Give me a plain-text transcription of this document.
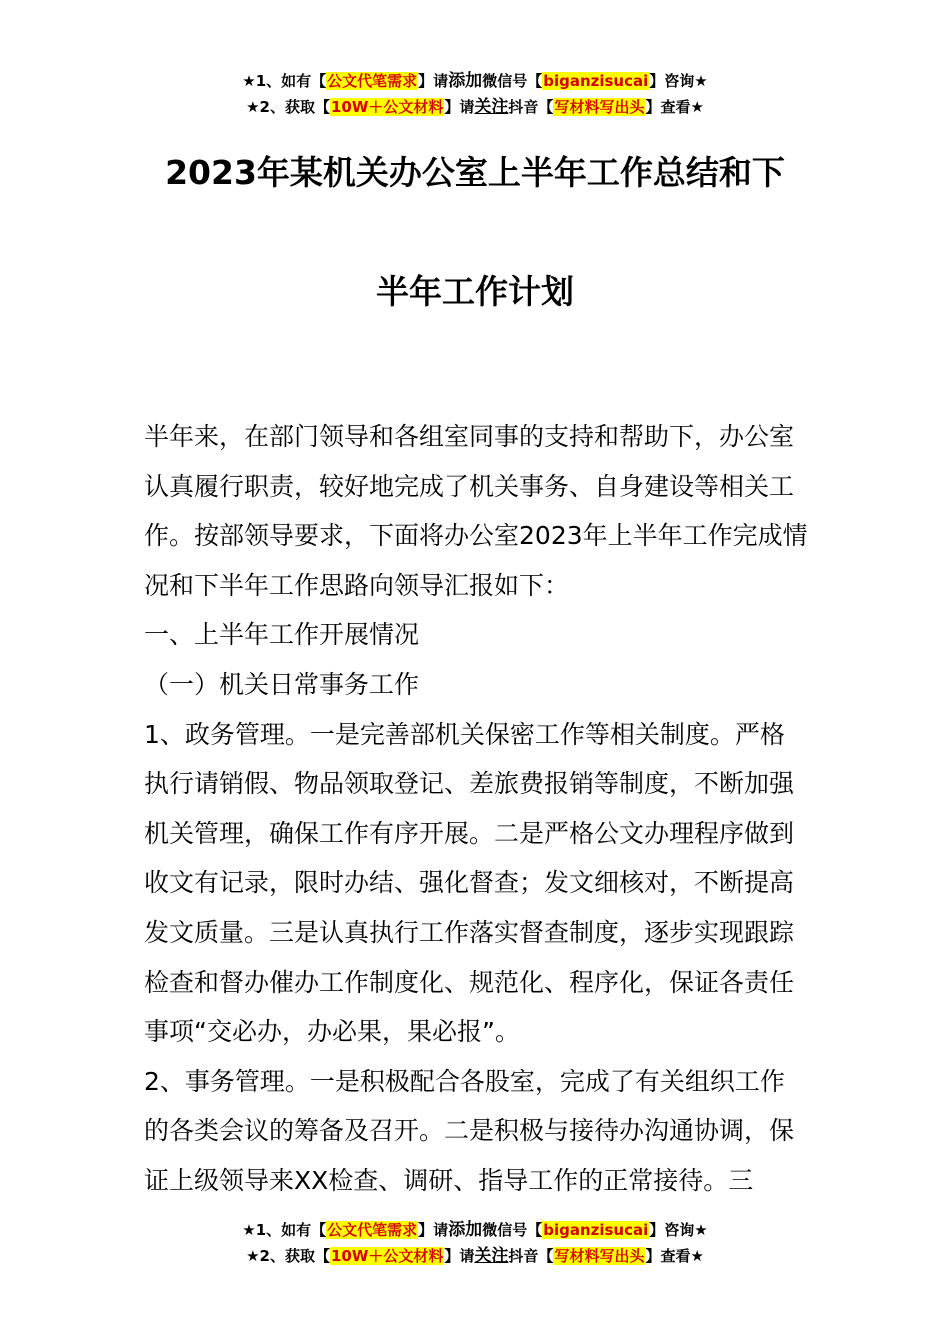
★1、如有【公文代笔需求】请添加微信号【biganzisucai】咨询★
★2、获取【10W＋公文材料】请关注抖音【写材料写出头】查看★
2023年某机关办公室上半年工作总结和下
半年工作计划

半年来，在部门领导和各组室同事的支持和帮助下，办公室认真履行职责，较好地完成了机关事务、自身建设等相关工作。按部领导要求，下面将办公室2023年上半年工作完成情况和下半年工作思路向领导汇报如下：

一、上半年工作开展情况

（一）机关日常事务工作

1、政务管理。一是完善部机关保密工作等相关制度。严格执行请销假、物品领取登记、差旅费报销等制度，不断加强机关管理，确保工作有序开展。二是严格公文办理程序做到收文有记录，限时办结、强化督查；发文细核对，不断提高发文质量。三是认真执行工作落实督查制度，逐步实现跟踪检查和督办催办工作制度化、规范化、程序化，保证各责任事项“交必办，办必果，果必报”。

2、事务管理。一是积极配合各股室，完成了有关组织工作的各类会议的筹备及召开。二是积极与接待办沟通协调，保证上级领导来XX检查、调研、指导工作的正常接待。三

★1、如有【公文代笔需求】请添加微信号【biganzisucai】咨询★
★2、获取【10W＋公文材料】请关注抖音【写材料写出头】查看★
